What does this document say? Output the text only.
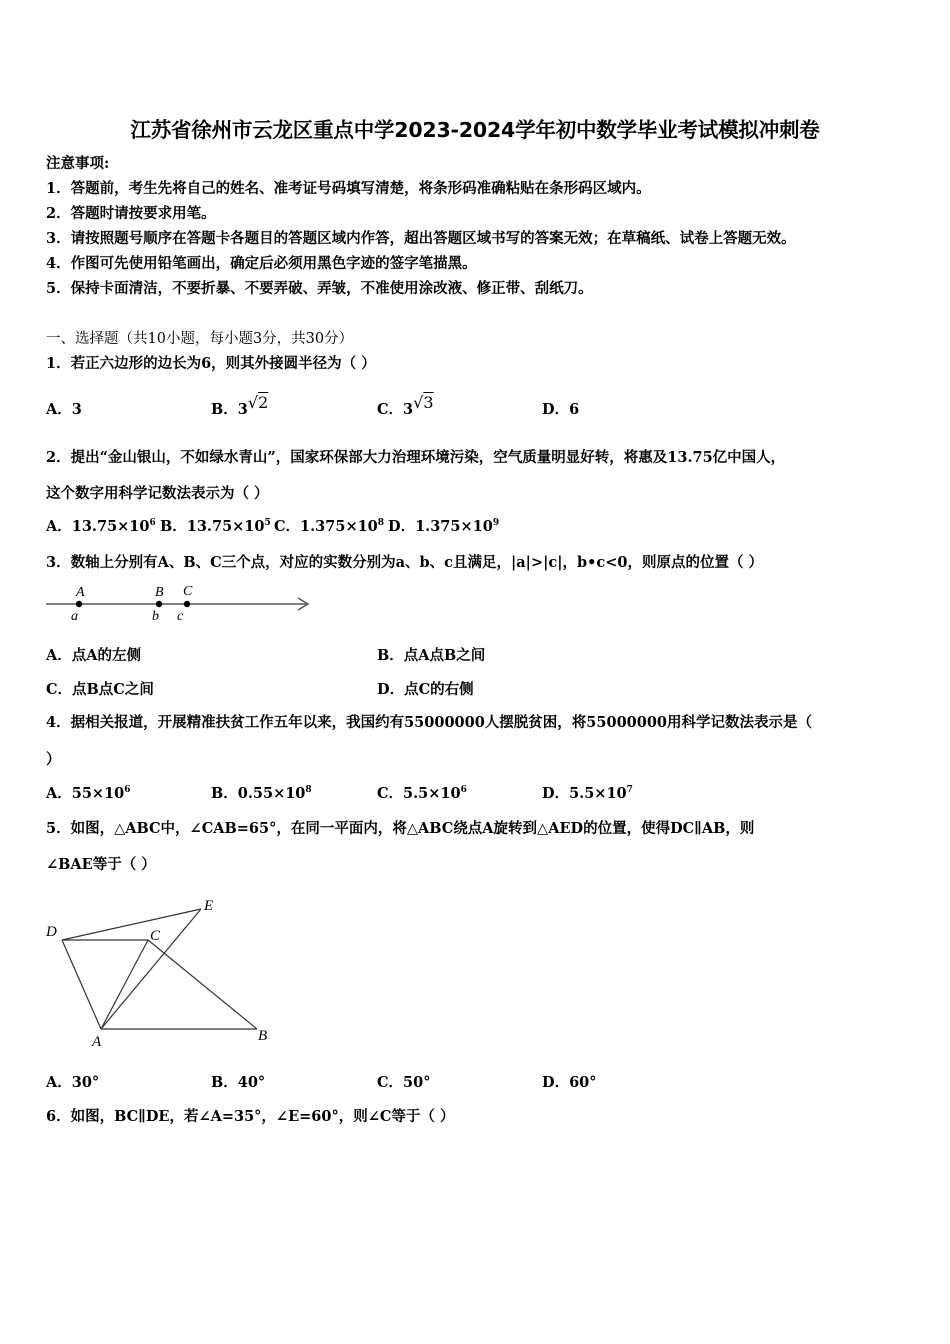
江苏省徐州市云龙区重点中学2023-2024学年初中数学毕业考试模拟冲刺卷
注意事项:
1．答题前，考生先将自己的姓名、准考证号码填写清楚，将条形码准确粘贴在条形码区域内。
2．答题时请按要求用笔。
3．请按照题号顺序在答题卡各题目的答题区域内作答，超出答题区域书写的答案无效；在草稿纸、试卷上答题无效。
4．作图可先使用铅笔画出，确定后必须用黑色字迹的签字笔描黑。
5．保持卡面清洁，不要折暴、不要弄破、弄皱，不准使用涂改液、修正带、刮纸刀。
一、选择题（共10小题，每小题3分，共30分）
1．若正六边形的边长为6，则其外接圆半径为（ ）
A．3	B．3√2	C．3√3	D．6
2．提出“金山银山，不如绿水青山”，国家环保部大力治理环境污染，空气质量明显好转，将惠及13.75亿中国人，
这个数字用科学记数法表示为（ ）
A．$13.75\times 10^6$ B．$13.75\times 10^5$ C．$1.375\times 10^8$ D．$1.375\times 10^9$
3．数轴上分别有A、B、C三个点，对应的实数分别为a、b、c且满足，|a|>|c|，b•c<0，则原点的位置（ ）
A	B C
a	b c
A．点A的左侧	B．点A点B之间
C．点B点C之间	D．点C的右侧
4．据相关报道，开展精准扶贫工作五年以来，我国约有55000000人摆脱贫困，将55000000用科学记数法表示是（
）
A．$55\times 10^6$	B．$0.55\times 10^8$	C．$5.5\times 10^6$	D．$5.5\times 10^7$
5．如图，△ABC中，∠CAB=65°，在同一平面内，将△ABC绕点A旋转到△AED的位置，使得DC∥AB，则
∠BAE等于（ ）
D
E
C
A	B
A．30°	B．40°	C．50°	D．60°
6．如图，BC∥DE，若∠A=35°，∠E=60°，则∠C等于（ ）
